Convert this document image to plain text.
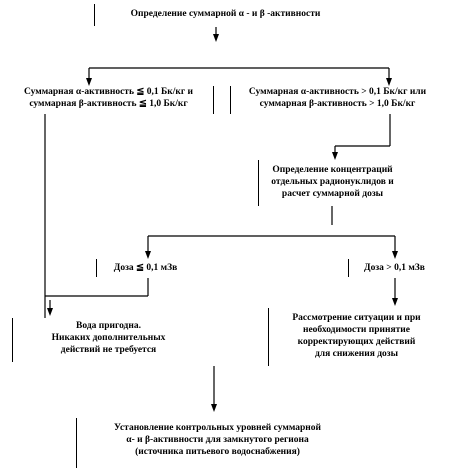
Определение суммарной α - и β -активности
Суммарная α-активность ≦ 0,1 Бк/кг и
суммарная β-активность ≦ 1,0 Бк/кг
Суммарная α-активность > 0,1 Бк/кг или
суммарная β-активность > 1,0 Бк/кг
Определение концентраций
отдельных радионуклидов и
расчет суммарной дозы
Доза ≦ 0,1 мЗв	Доза > 0,1 мЗв
Вода пригодна.
Никаких дополнительных
действий не требуется
Рассмотрение ситуации и при
необходимости принятие
корректирующих действий
для снижения дозы
Установление контрольных уровней суммарной
α- и β-активности для замкнутого региона
(источника питьевого водоснабжения)
